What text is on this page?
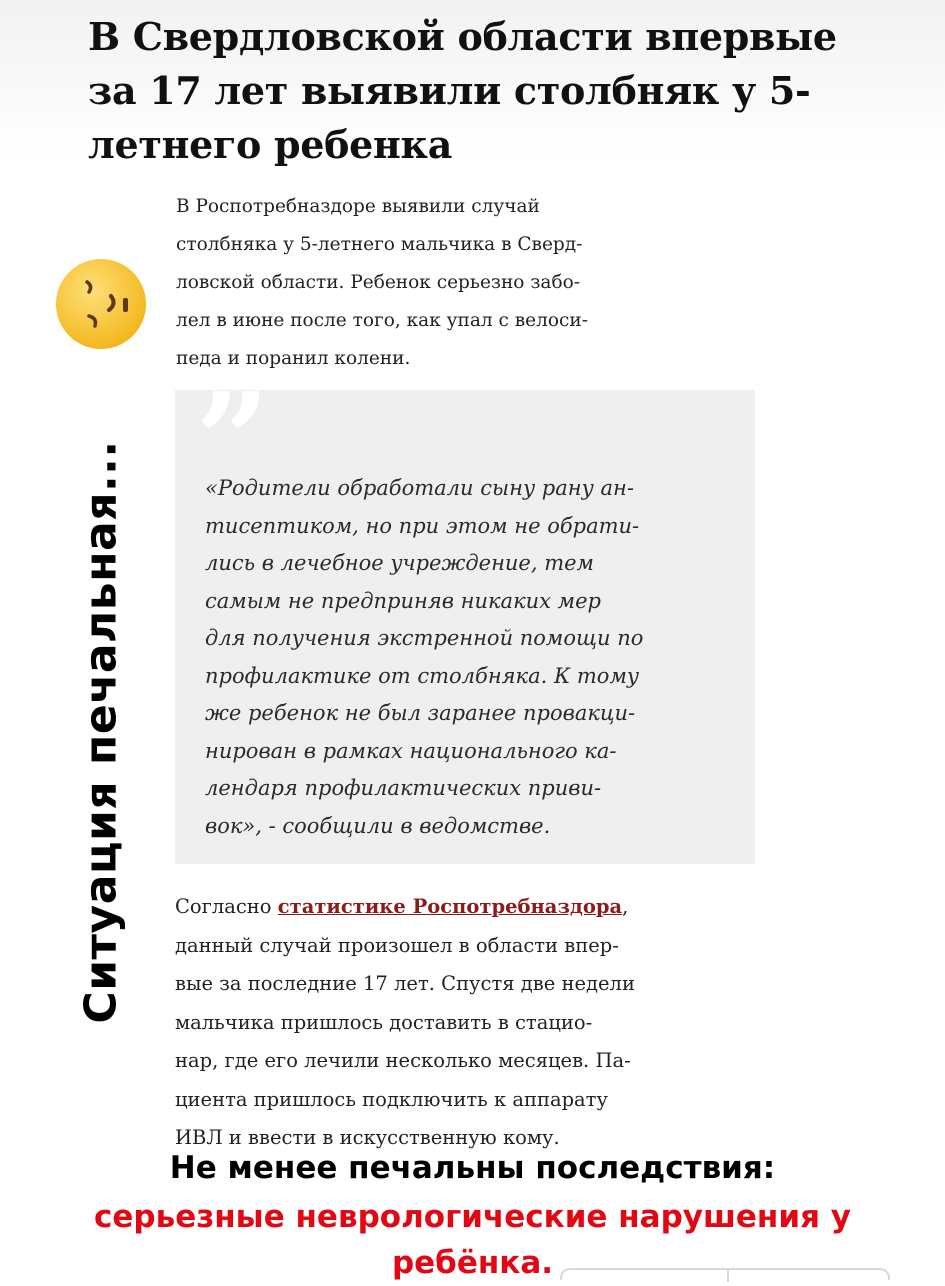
В Свердловской области впервые
за 17 лет выявили столбняк у 5-
летнего ребенка
В Роспотребназдоре выявили случай
столбняка у 5-летнего мальчика в Сверд-
ловской области. Ребенок серьезно забо-
лел в июне после того, как упал с велоси-
педа и поранил колени.
Ситуация печальная... ”
«Родители обработали сыну рану ан-
тисептиком, но при этом не обрати-
лись в лечебное учреждение, тем
самым не предприняв никаких мер
для получения экстренной помощи по
профилактике от столбняка. К тому
же ребенок не был заранее провакци-
нирован в рамках национального ка-
лендаря профилактических приви-
вок», - сообщили в ведомстве.
Согласно статистике Роспотребназдора,
данный случай произошел в области впер-
вые за последние 17 лет. Спустя две недели
мальчика пришлось доставить в стацио-
нар, где его лечили несколько месяцев. Па-
циента пришлось подключить к аппарату
ИВЛ и ввести в искусственную кому.
Не менее печальны последствия:
серьезные неврологические нарушения у
ребёнка.
